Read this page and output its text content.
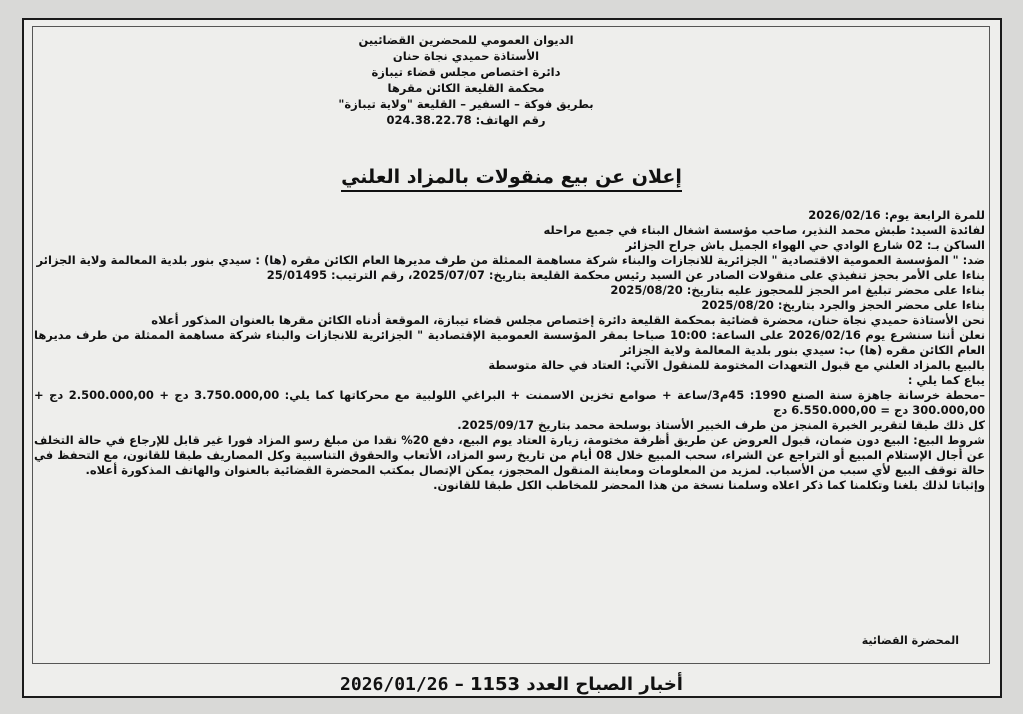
الديوان العمومي للمحضرين القضائيين
الأستاذة حميدي نجاة حنان
دائرة اختصاص مجلس قضاء تيبازة
محكمة القليعة الكائن مقرها
بطريق فوكة – السفير – القليعة "ولاية تيبازة"
رقم الهاتف: 024.38.22.78
إعلان عن بيع منقولات بالمزاد العلني

للمرة الرابعة يوم: 2026/02/16

لفائدة السيد: طبش محمد النذير، صاحب مؤسسة اشغال البناء في جميع مراحله

الساكن بـ: 02 شارع الوادي حي الهواء الجميل باش جراح الجزائر

ضد: " المؤسسة العمومية الاقتصادية " الجزائرية للانجازات والبناء شركة مساهمة الممثلة من طرف مديرها العام الكائن مقره (ها) : سيدي بنور بلدية المعالمة ولاية الجزائر

بناءا على الأمر بحجز تنفيذي على منقولات الصادر عن السيد رئيس محكمة القليعة بتاريخ: 2025/07/07، رقم الترتيب: 25/01495

بناءا على محضر تبليغ امر الحجز للمحجوز عليه بتاريخ: 2025/08/20

بناءا على محضر الحجز والجرد بتاريخ: 2025/08/20

نحن الأستاذة حميدي نجاة حنان، محضرة قضائية بمحكمة القليعة دائرة إختصاص مجلس قضاء تيبازة، الموقعة أدناه الكائن مقرها بالعنوان المذكور أعلاه

نعلن أننا سنشرع يوم 2026/02/16 على الساعة: 10:00 صباحا بمقر المؤسسة العمومية الإقتصادية " الجزائرية للانجازات والبناء شركة مساهمة الممثلة من طرف مديرها العام الكائن مقره (ها) ب: سيدي بنور بلدية المعالمة ولاية الجزائر

بالبيع بالمزاد العلني مع قبول التعهدات المختومة للمنقول الآتي: العتاد في حالة متوسطة

يباع كما يلي :

–محطة خرسانة جاهزة سنة الصنع 1990: 45م3/ساعة + صوامع تخزين الاسمنت + البراغي اللولبية مع محركاتها كما يلي: 3.750.000,00 دج + 2.500.000,00 دج + 300.000,00 دج = 6.550.000,00 دج

كل ذلك طبقا لتقرير الخبرة المنجز من طرف الخبير الأستاذ بوسلحة محمد بتاريخ 2025/09/17.

شروط البيع: البيع دون ضمان، قبول العروض عن طريق أظرفة مختومة، زيارة العتاد يوم البيع، دفع 20% نقدا من مبلغ رسو المزاد فورا غير قابل للإرجاع في حالة التخلف عن أجال الإستلام المبيع أو التراجع عن الشراء، سحب المبيع خلال 08 أيام من تاريخ رسو المزاد، الأتعاب والحقوق التناسبية وكل المصاريف طبقا للقانون، مع التحفظ في حالة توقف البيع لأي سبب من الأسباب. لمزيد من المعلومات ومعاينة المنقول المحجوز، يمكن الإتصال بمكتب المحضرة القضائية بالعنوان والهاتف المذكورة أعلاه.

وإثباتا لذلك بلغنا وتكلمنا كما ذكر اعلاه وسلمنا نسخة من هذا المحضر للمخاطب الكل طبقا للقانون.

المحضرة القضائية
أخبار الصباح العدد 1153 – 2026/01/26
